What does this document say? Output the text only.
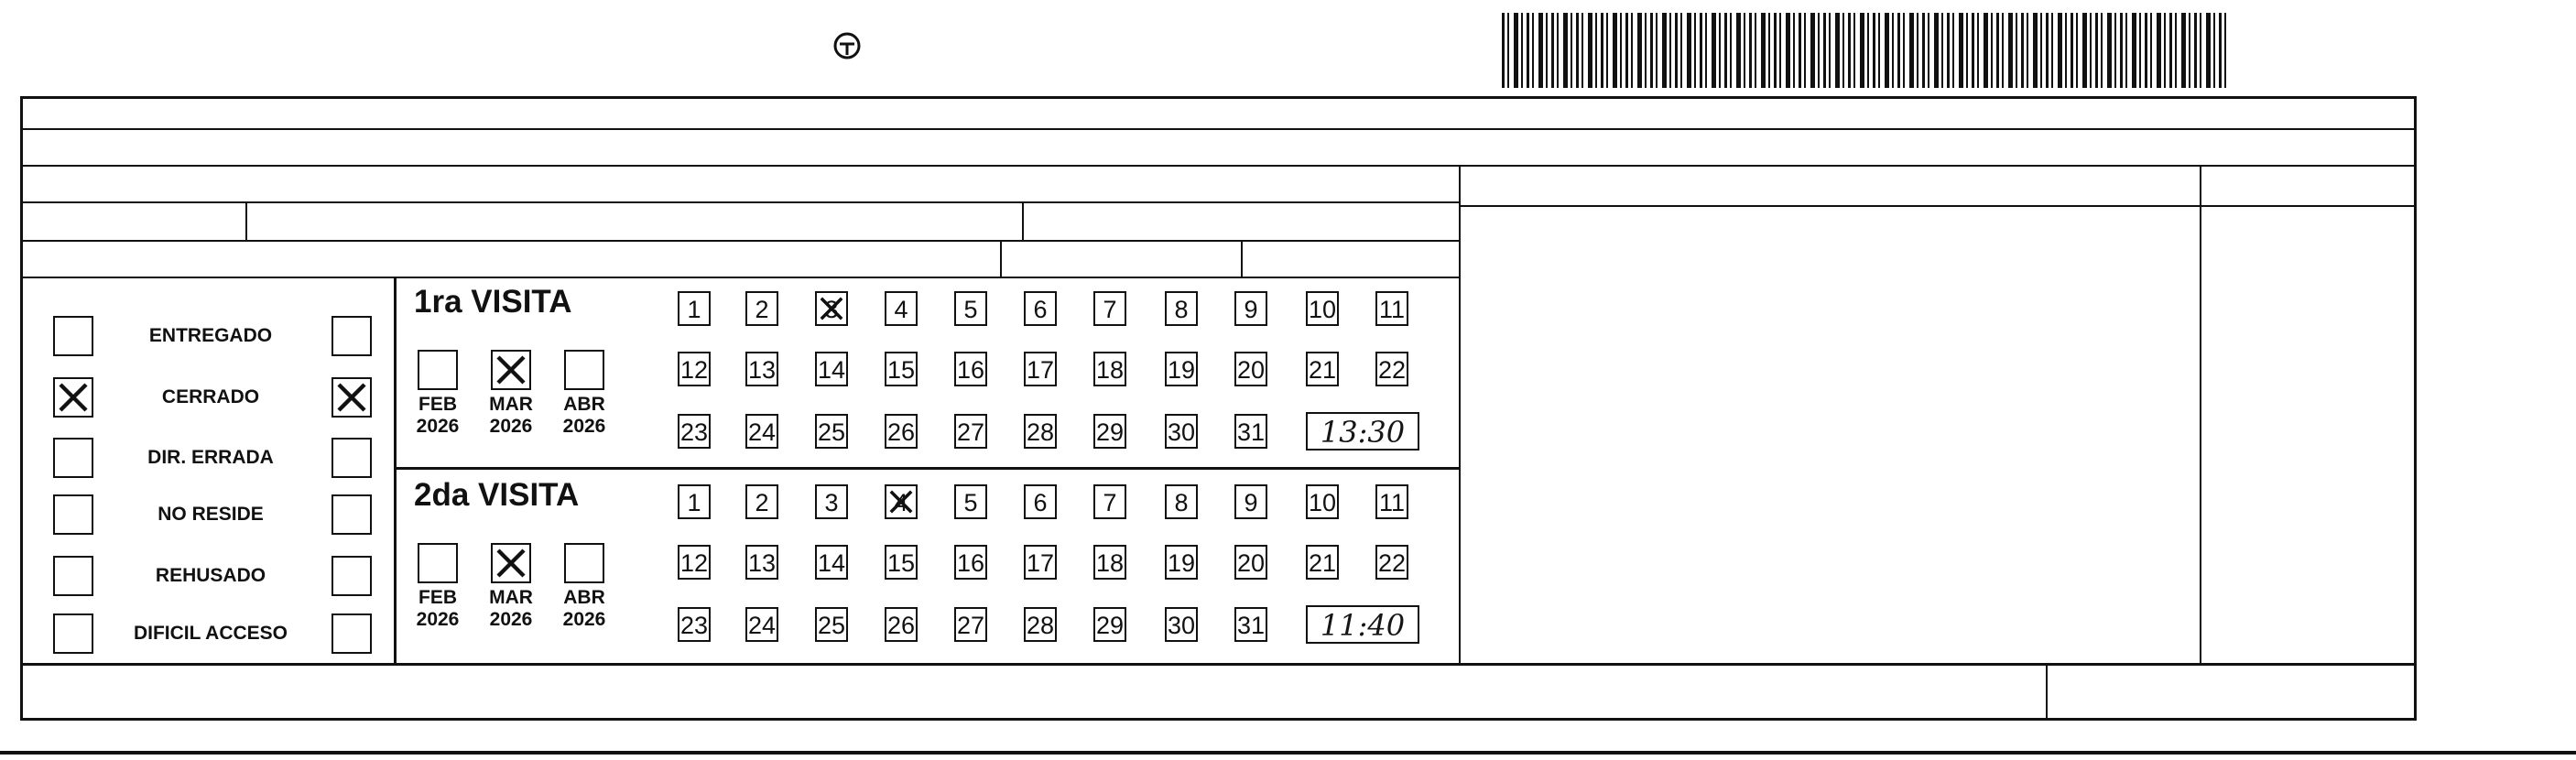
ENTREGADO
CERRADO
DIR. ERRADA
NO RESIDE
REHUSADO
DIFICIL ACCESO
1ra VISITA
FEB
2026
MAR
2026
ABR
2026
1	2	3	4	5	6	7	8	9	10 11
12 13 14 15 16 17 18 19 20 21 22
23 24 25 26 27 28 29 30 31	13:30
2da VISITA
FEB
2026
MAR
2026
ABR
2026
1	2	3	4	5	6	7	8	9	10 11
12 13 14 15 16 17 18 19 20 21 22
23 24 25 26 27 28 29 30 31	11:40
